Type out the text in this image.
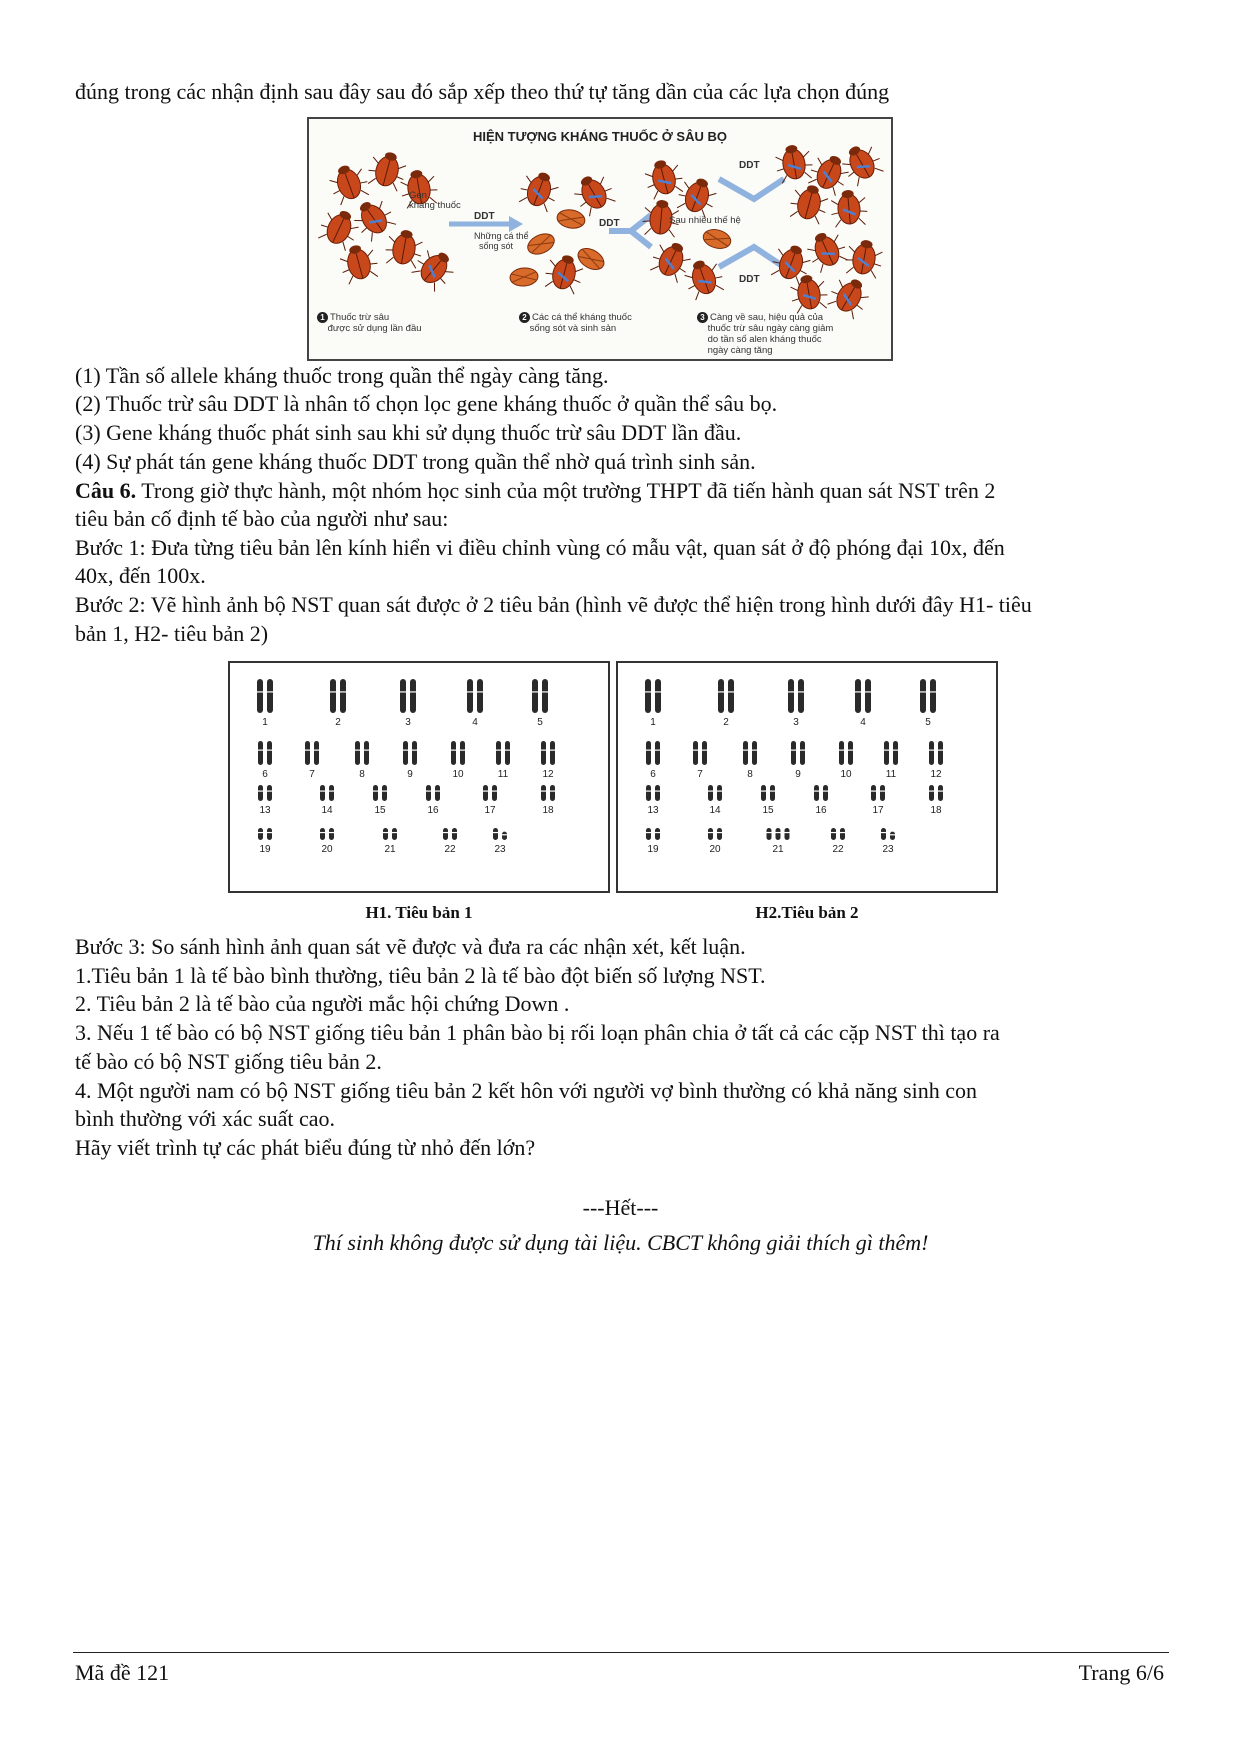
đúng trong các nhận định sau đây sau đó sắp xếp theo thứ tự tăng dần của các lựa chọn đúng
HIỆN TƯỢNG KHÁNG THUỐC Ở SÂU BỌ
Gen
kháng thuốc
DDT
Những cá thể
sống sót
DDT	Sau nhiều thế hệ
DDT
DDT
1 Thuốc trừ sâu
được sử dụng lần đầu
2 Các cá thể kháng thuốc
sống sót và sinh sản
3 Càng về sau, hiệu quả của
thuốc trừ sâu ngày càng giảm
do tần số alen kháng thuốc
ngày càng tăng
(1) Tần số allele kháng thuốc trong quần thể ngày càng tăng.
(2) Thuốc trừ sâu DDT là nhân tố chọn lọc gene kháng thuốc ở quần thể sâu bọ.
(3) Gene kháng thuốc phát sinh sau khi sử dụng thuốc trừ sâu DDT lần đầu.
(4) Sự phát tán gene kháng thuốc DDT trong quần thể nhờ quá trình sinh sản.
Câu 6. Trong giờ thực hành, một nhóm học sinh của một trường THPT đã tiến hành quan sát NST trên 2
tiêu bản cố định tế bào của người như sau:
Bước 1: Đưa từng tiêu bản lên kính hiển vi điều chỉnh vùng có mẫu vật, quan sát ở độ phóng đại 10x, đến
40x, đến 100x.
Bước 2: Vẽ hình ảnh bộ NST quan sát được ở 2 tiêu bản (hình vẽ được thể hiện trong hình dưới đây H1- tiêu
bản 1, H2- tiêu bản 2)
1	2	3	4	5
6	7	8	9	10	11	12
13	14	15	16	17	18
19	20	21	22	23
1	2	3	4	5
6	7	8	9	10	11	12
13	14	15	16	17	18
19	20	21	22	23
H1. Tiêu bản 1	H2.Tiêu bản 2
Bước 3: So sánh hình ảnh quan sát vẽ được và đưa ra các nhận xét, kết luận.
1.Tiêu bản 1 là tế bào bình thường, tiêu bản 2 là tế bào đột biến số lượng NST.
2. Tiêu bản 2 là tế bào của người mắc hội chứng Down .
3. Nếu 1 tế bào có bộ NST giống tiêu bản 1 phân bào bị rối loạn phân chia ở tất cả các cặp NST thì tạo ra
tế bào có bộ NST giống tiêu bản 2.
4. Một người nam có bộ NST giống tiêu bản 2 kết hôn với người vợ bình thường có khả năng sinh con
bình thường với xác suất cao.
Hãy viết trình tự các phát biểu đúng từ nhỏ đến lớn?
---Hết---
Thí sinh không được sử dụng tài liệu. CBCT không giải thích gì thêm!
Mã đề 121	Trang 6/6
